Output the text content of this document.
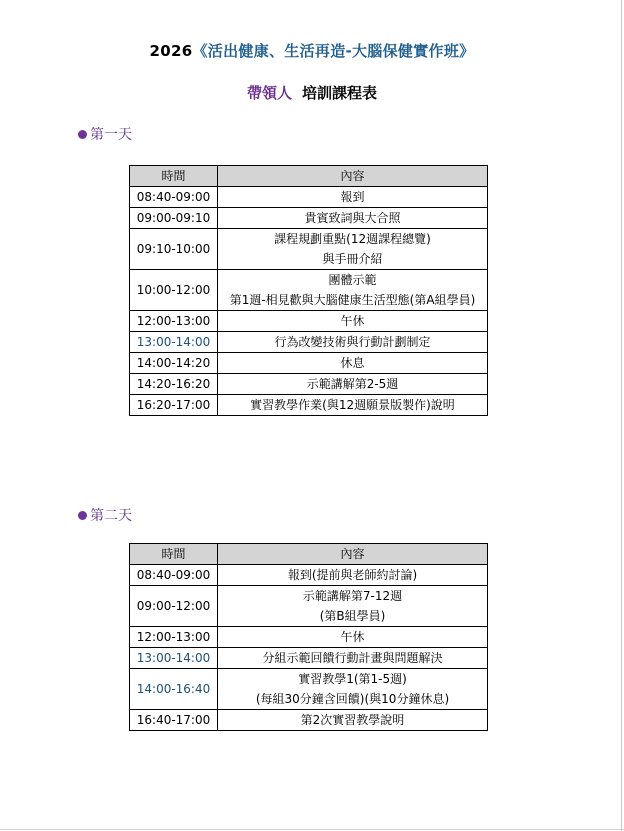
2026《活出健康、生活再造-大腦保健實作班》
帶領人 培訓課程表
第一天
時間	內容
08:40-09:00	報到
09:00-09:10	貴賓致詞與大合照
09:10-10:00	課程規劃重點(12週課程總覽)
與手冊介紹

10:00-12:00	團體示範
第1週-相見歡與大腦健康生活型態(第A組學員)

12:00-13:00	午休
13:00-14:00	行為改變技術與行動計劃制定
14:00-14:20	休息
14:20-16:20	示範講解第2-5週
16:20-17:00	實習教學作業(與12週願景版製作)說明
第二天
時間	內容
08:40-09:00	報到(提前與老師約討論)
09:00-12:00	示範講解第7-12週
(第B組學員)

12:00-13:00	午休
13:00-14:00	分組示範回饋行動計畫與問題解決
14:00-16:40	實習教學1(第1-5週)
(每組30分鐘含回饋)(與10分鐘休息)

16:40-17:00	第2次實習教學說明
